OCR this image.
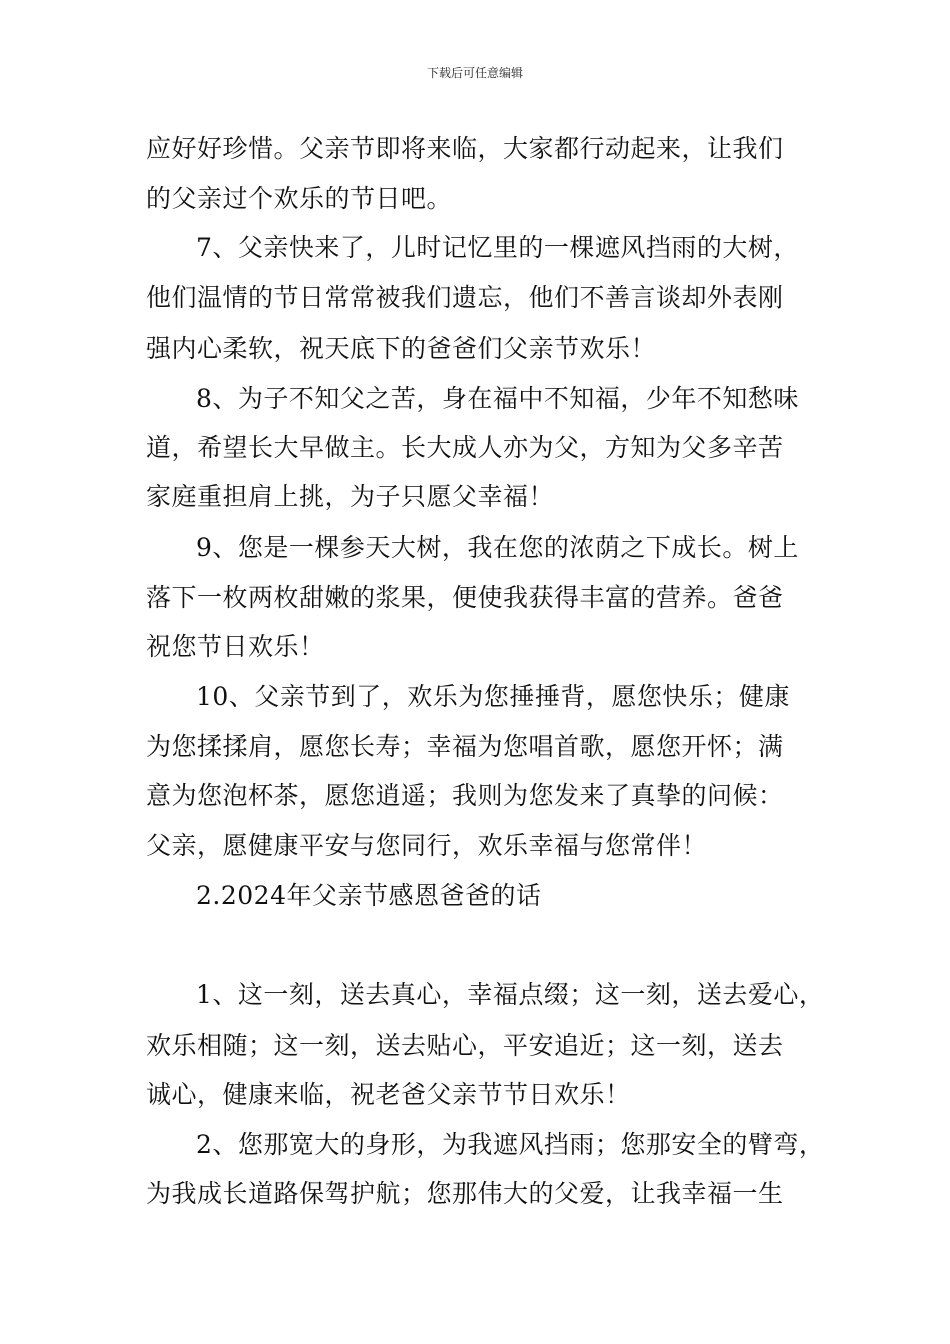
下载后可任意编辑
应好好珍惜。父亲节即将来临，大家都行动起来，让我们
的父亲过个欢乐的节日吧。
7、父亲快来了，儿时记忆里的一棵遮风挡雨的大树，
他们温情的节日常常被我们遗忘，他们不善言谈却外表刚
强内心柔软，祝天底下的爸爸们父亲节欢乐！
8、为子不知父之苦，身在福中不知福，少年不知愁味
道，希望长大早做主。长大成人亦为父，方知为父多辛苦
家庭重担肩上挑，为子只愿父幸福！
9、您是一棵参天大树，我在您的浓荫之下成长。树上
落下一枚两枚甜嫩的浆果，便使我获得丰富的营养。爸爸
祝您节日欢乐！
10、父亲节到了，欢乐为您捶捶背，愿您快乐；健康
为您揉揉肩，愿您长寿；幸福为您唱首歌，愿您开怀；满
意为您泡杯茶，愿您逍遥；我则为您发来了真挚的问候：
父亲，愿健康平安与您同行，欢乐幸福与您常伴！
2.2024年父亲节感恩爸爸的话
1、这一刻，送去真心，幸福点缀；这一刻，送去爱心，
欢乐相随；这一刻，送去贴心，平安追近；这一刻，送去
诚心，健康来临，祝老爸父亲节节日欢乐！
2、您那宽大的身形，为我遮风挡雨；您那安全的臂弯，
为我成长道路保驾护航；您那伟大的父爱，让我幸福一生
